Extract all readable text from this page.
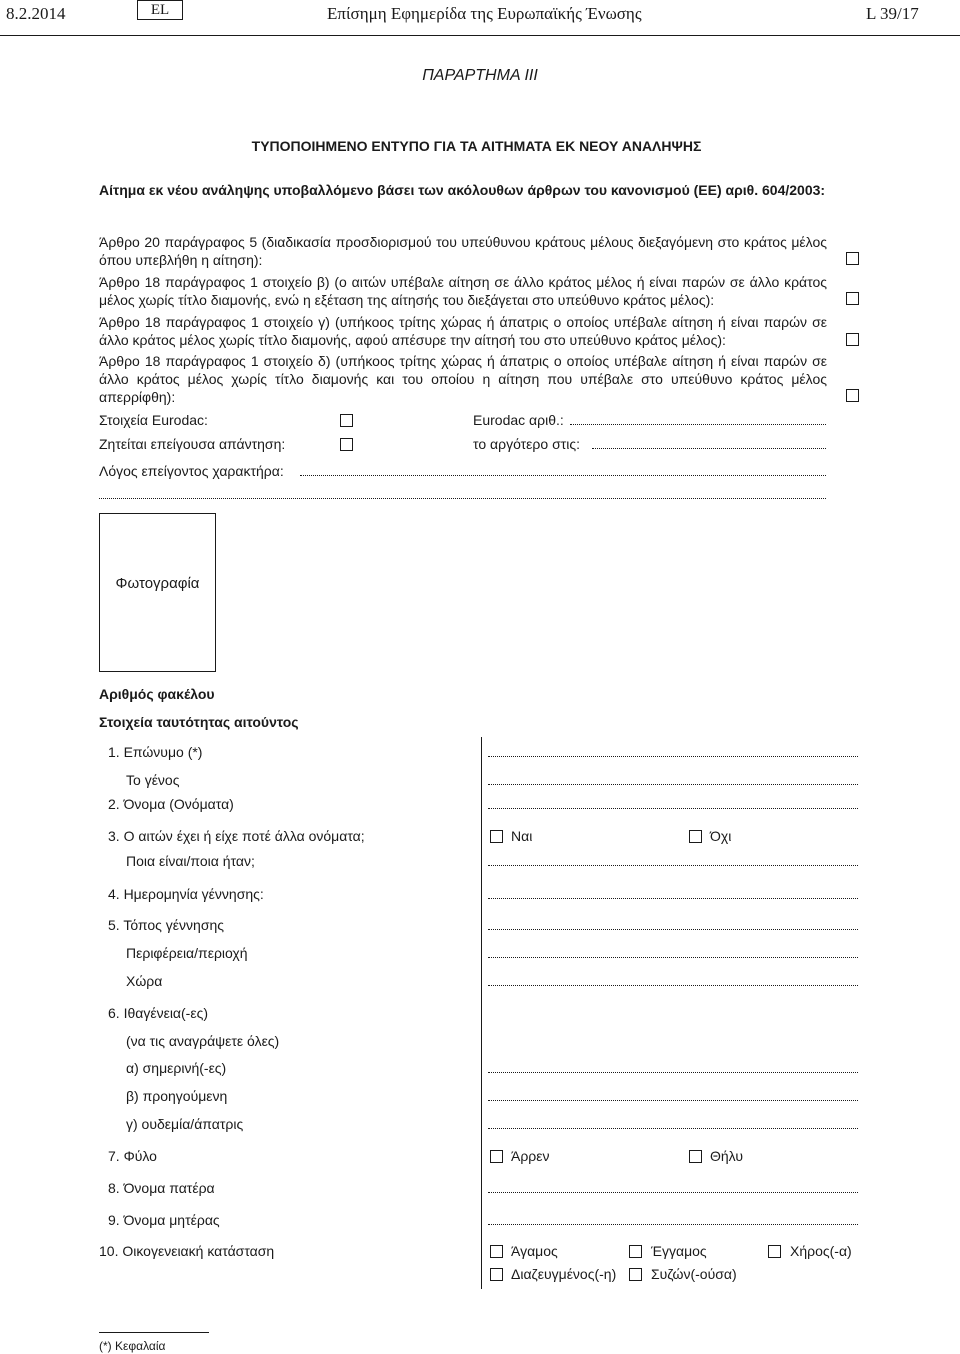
8.2.2014	EL	Επίσημη Εφημερίδα της Ευρωπαϊκής Ένωσης	L 39/17
ΠΑΡΑΡΤΗΜΑ ΙΙΙ
ΤΥΠΟΠΟΙΗΜΕΝΟ ΕΝΤΥΠΟ ΓΙΑ ΤΑ ΑΙΤΗΜΑΤΑ ΕΚ ΝΕΟΥ ΑΝΑΛΗΨΗΣ
Αίτημα εκ νέου ανάληψης υποβαλλόμενο βάσει των ακόλουθων άρθρων του κανονισμού (ΕΕ) αριθ. 604/2003:
Άρθρο 20 παράγραφος 5 (διαδικασία προσδιορισμού του υπεύθυνου κράτους μέλους διεξαγόμενη στο κράτος μέλος όπου υπεβλήθη η αίτηση):
Άρθρο 18 παράγραφος 1 στοιχείο β) (ο αιτών υπέβαλε αίτηση σε άλλο κράτος μέλος ή είναι παρών σε άλλο κράτος μέλος χωρίς τίτλο διαμονής, ενώ η εξέταση της αίτησής του διεξάγεται στο υπεύθυνο κράτος μέλος):
Άρθρο 18 παράγραφος 1 στοιχείο γ) (υπήκοος τρίτης χώρας ή άπατρις ο οποίος υπέβαλε αίτηση ή είναι παρών σε άλλο κράτος μέλος χωρίς τίτλο διαμονής, αφού απέσυρε την αίτησή του στο υπεύθυνο κράτος μέλος):
Άρθρο 18 παράγραφος 1 στοιχείο δ) (υπήκοος τρίτης χώρας ή άπατρις ο οποίος υπέβαλε αίτηση ή είναι παρών σε άλλο κράτος μέλος χωρίς τίτλο διαμονής και του οποίου η αίτηση που υπέβαλε στο υπεύθυνο κράτος μέλος απερρίφθη):
Στοιχεία Eurodac:	Eurodac αριθ.:
Ζητείται επείγουσα απάντηση:	το αργότερο στις:
Λόγος επείγοντος χαρακτήρα:
Φωτογραφία
Αριθμός φακέλου
Στοιχεία ταυτότητας αιτούντος
1. Επώνυμο (*)
Το γένος
2. Όνομα (Ονόματα)
3. Ο αιτών έχει ή είχε ποτέ άλλα ονόματα;	Ναι	Όχι
Ποια είναι/ποια ήταν;
4. Ημερομηνία γέννησης:
5. Τόπος γέννησης
Περιφέρεια/περιοχή
Χώρα
6. Ιθαγένεια(-ες)
(να τις αναγράψετε όλες)
α) σημερινή(-ες)
β) προηγούμενη
γ) ουδεμία/άπατρις
7. Φύλο	Άρρεν	Θήλυ
8. Όνομα πατέρα
9. Όνομα μητέρας
10. Οικογενειακή κατάσταση	Άγαμος	Έγγαμος	Χήρος(-α)
Διαζευγμένος(-η) Συζών(-ούσα)
(*) Κεφαλαία
